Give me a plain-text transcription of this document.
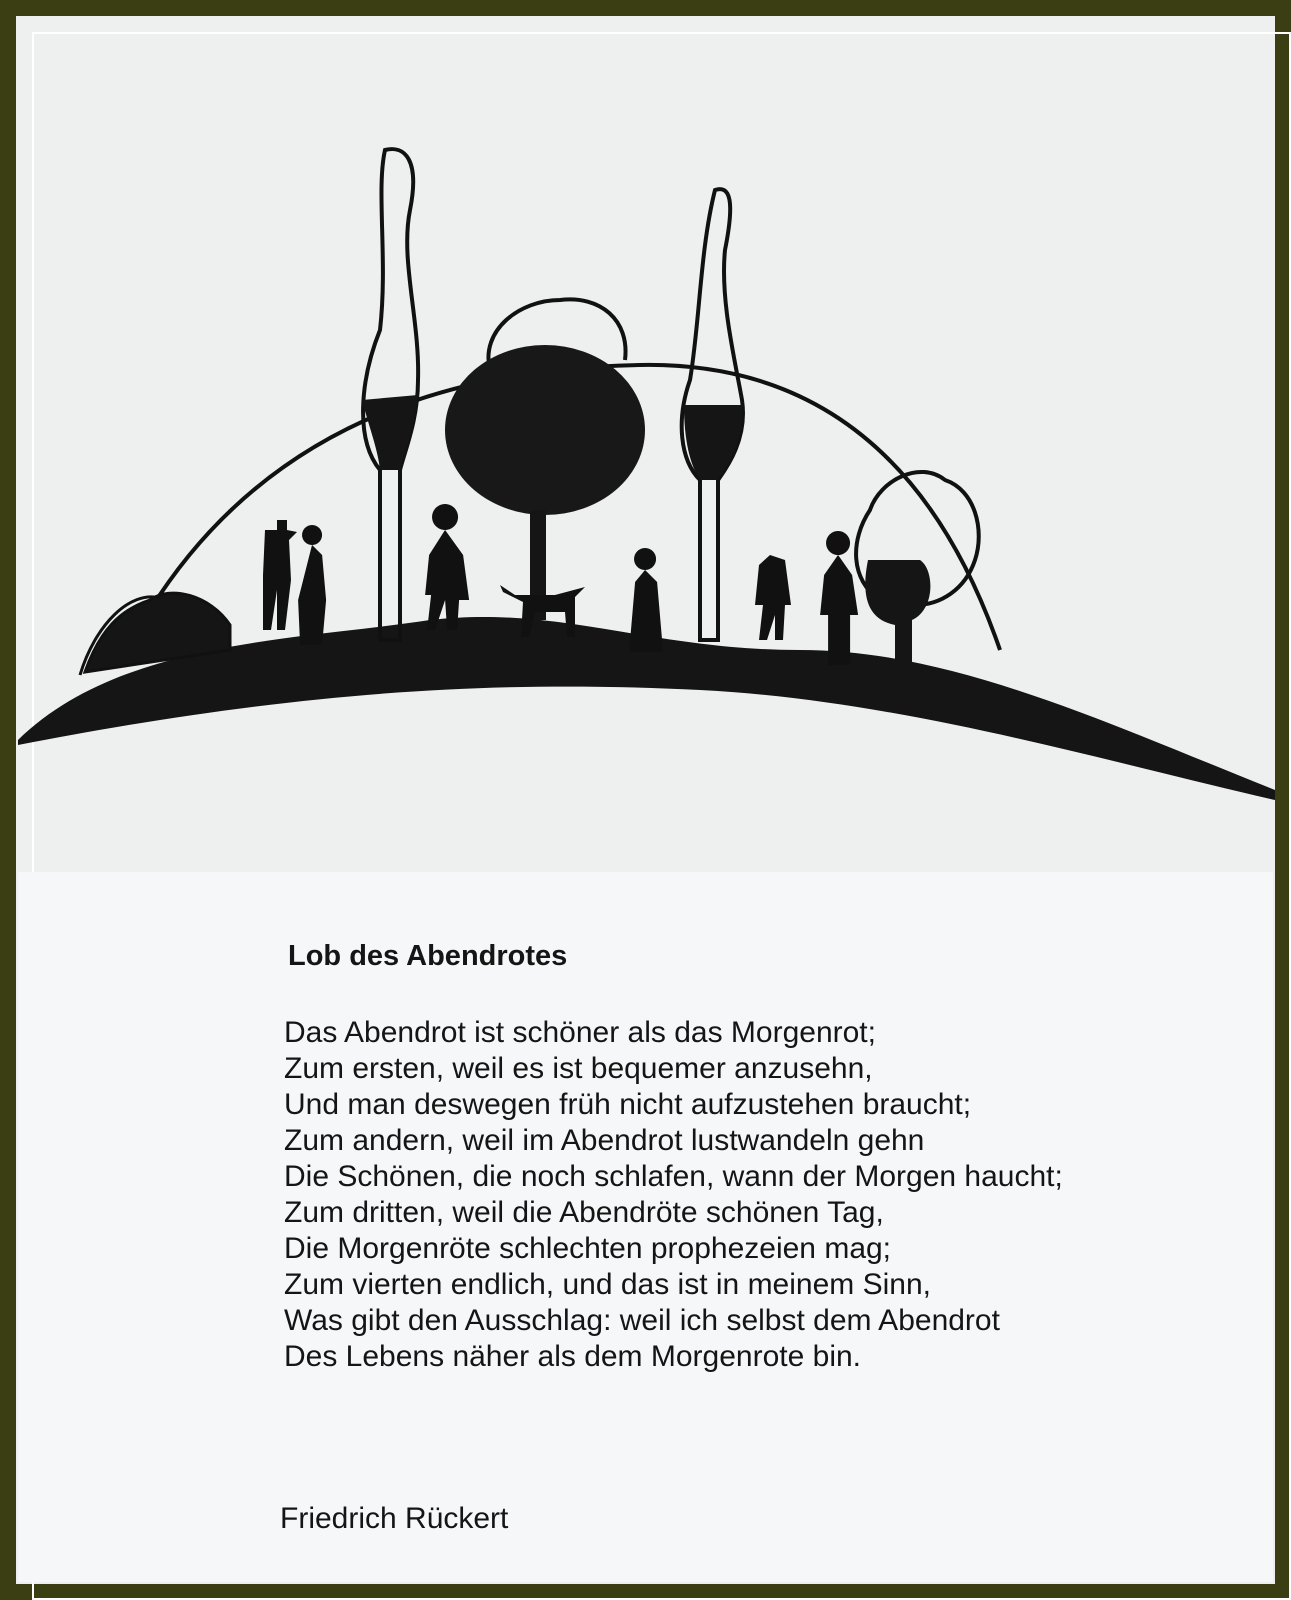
Lob des Abendrotes
Das Abendrot ist schöner als das Morgenrot;
Zum ersten, weil es ist bequemer anzusehn,
Und man deswegen früh nicht aufzustehen braucht;
Zum andern, weil im Abendrot lustwandeln gehn
Die Schönen, die noch schlafen, wann der Morgen haucht;
Zum dritten, weil die Abendröte schönen Tag,
Die Morgenröte schlechten prophezeien mag;
Zum vierten endlich, und das ist in meinem Sinn,
Was gibt den Ausschlag: weil ich selbst dem Abendrot
Des Lebens näher als dem Morgenrote bin.
Friedrich Rückert
